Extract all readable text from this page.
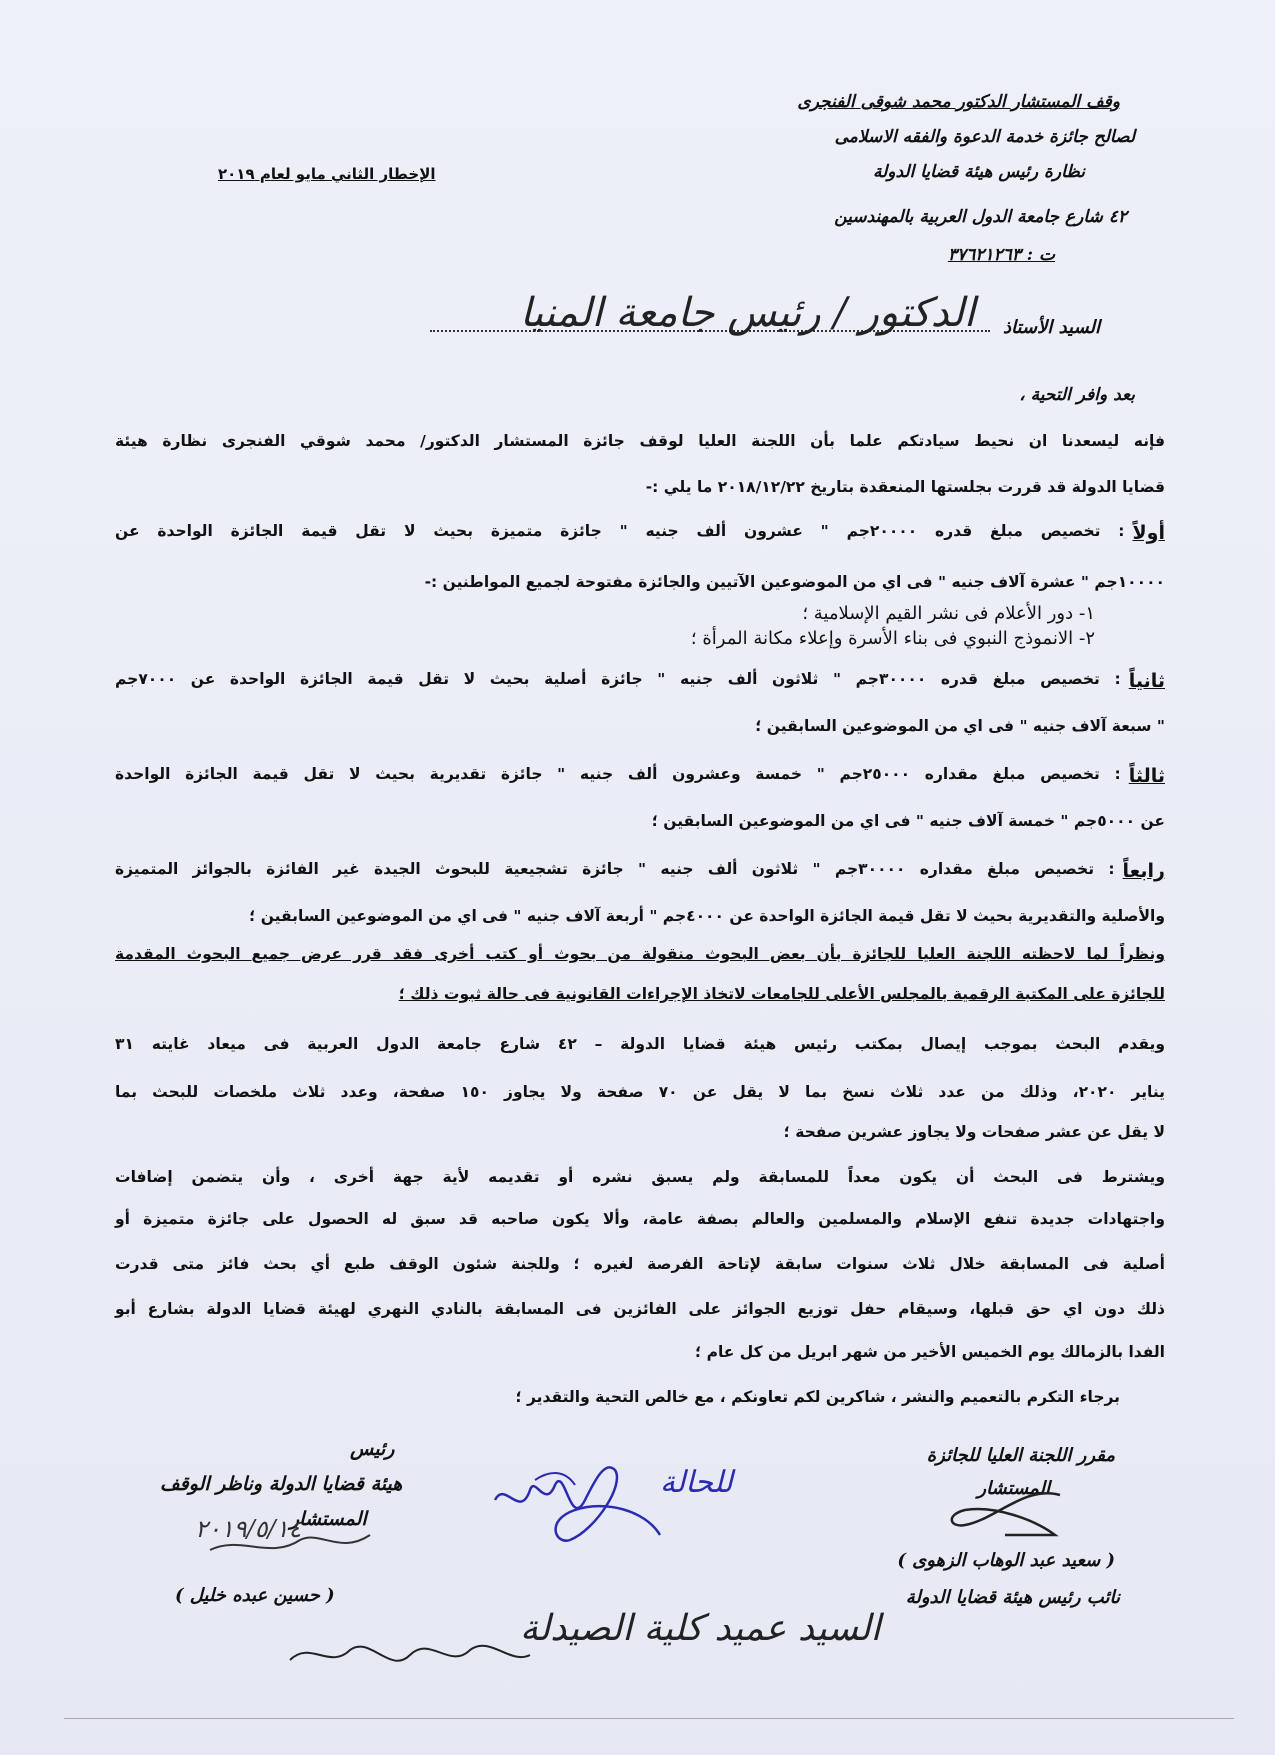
وقف المستشار الدكتور محمد شوقى الفنجرى
لصالح جائزة خدمة الدعوة والفقه الاسلامى
نظارة رئيس هيئة قضايا الدولة
٤٢ شارع جامعة الدول العربية بالمهندسين
ت : ٣٧٦٢١٢٦٣
الإخطار الثاني مايو لعام ٢٠١٩
السيد الأستاذ
الدكتور / رئيس جامعة المنيا
بعد وافر التحية ،
فإنه ليسعدنا ان نحيط سيادتكم علما بأن اللجنة العليا لوقف جائزة المستشار الدكتور/ محمد شوقي الفنجرى نظارة هيئة
قضايا الدولة قد قررت بجلستها المنعقدة بتاريخ ٢٠١٨/١٢/٢٢ ما يلي :-
أولاً
: تخصيص مبلغ قدره ٢٠٠٠٠جم " عشرون ألف جنيه " جائزة متميزة بحيث لا تقل قيمة الجائزة الواحدة عن
١٠٠٠٠جم " عشرة آلاف جنيه " فى اي من الموضوعين الآتيين والجائزة مفتوحة لجميع المواطنين :-
١- دور الأعلام فى نشر القيم الإسلامية ؛
٢- الانموذج النبوي فى بناء الأسرة وإعلاء مكانة المرأة ؛
ثانياً
: تخصيص مبلغ قدره ٣٠٠٠٠جم " ثلاثون ألف جنيه " جائزة أصلية بحيث لا تقل قيمة الجائزة الواحدة عن ٧٠٠٠جم
" سبعة آلاف جنيه " فى اي من الموضوعين السابقين ؛
ثالثاً
: تخصيص مبلغ مقداره ٢٥٠٠٠جم " خمسة وعشرون ألف جنيه " جائزة تقديرية بحيث لا تقل قيمة الجائزة الواحدة
عن ٥٠٠٠جم " خمسة آلاف جنيه " فى اي من الموضوعين السابقين ؛
رابعاً
: تخصيص مبلغ مقداره ٣٠٠٠٠جم " ثلاثون ألف جنيه " جائزة تشجيعية للبحوث الجيدة غير الفائزة بالجوائز المتميزة
والأصلية والتقديرية بحيث لا تقل قيمة الجائزة الواحدة عن ٤٠٠٠جم " أربعة آلاف جنيه " فى اي من الموضوعين السابقين ؛
ونظراً لما لاحظته اللجنة العليا للجائزة بأن بعض البحوث منقولة من بحوث أو كتب أخرى فقد قرر عرض جميع البحوث المقدمة
للجائزة على المكتبة الرقمية بالمجلس الأعلى للجامعات لاتخاذ الإجراءات القانونية فى حالة ثبوت ذلك ؛
ويقدم البحث بموجب إيصال بمكتب رئيس هيئة قضايا الدولة – ٤٢ شارع جامعة الدول العربية فى ميعاد غايته ٣١
يناير ٢٠٢٠، وذلك من عدد ثلاث نسخ بما لا يقل عن ٧٠ صفحة ولا يجاوز ١٥٠ صفحة، وعدد ثلاث ملخصات للبحث بما
لا يقل عن عشر صفحات ولا يجاوز عشرين صفحة ؛
ويشترط فى البحث أن يكون معداً للمسابقة ولم يسبق نشره أو تقديمه لأية جهة أخرى ، وأن يتضمن إضافات
واجتهادات جديدة تنفع الإسلام والمسلمين والعالم بصفة عامة، وألا يكون صاحبه قد سبق له الحصول على جائزة متميزة أو
أصلية فى المسابقة خلال ثلاث سنوات سابقة لإتاحة الفرصة لغيره ؛ وللجنة شئون الوقف طبع أي بحث فائز متى قدرت
ذلك دون اي حق قبلها، وسيقام حفل توزيع الجوائز على الفائزين فى المسابقة بالنادي النهري لهيئة قضايا الدولة بشارع أبو
الفدا بالزمالك يوم الخميس الأخير من شهر ابريل من كل عام ؛
برجاء التكرم بالتعميم والنشر ، شاكرين لكم تعاونكم ، مع خالص التحية والتقدير ؛
مقرر اللجنة العليا للجائزة
المستشار
( سعيد عبد الوهاب الزهوى )
نائب رئيس هيئة قضايا الدولة
رئيس
هيئة قضايا الدولة وناظر الوقف
المستشار
( حسين عبده خليل )
للحالة
٢٠١٩/٥/١٤
السيد عميد كلية الصيدلة
